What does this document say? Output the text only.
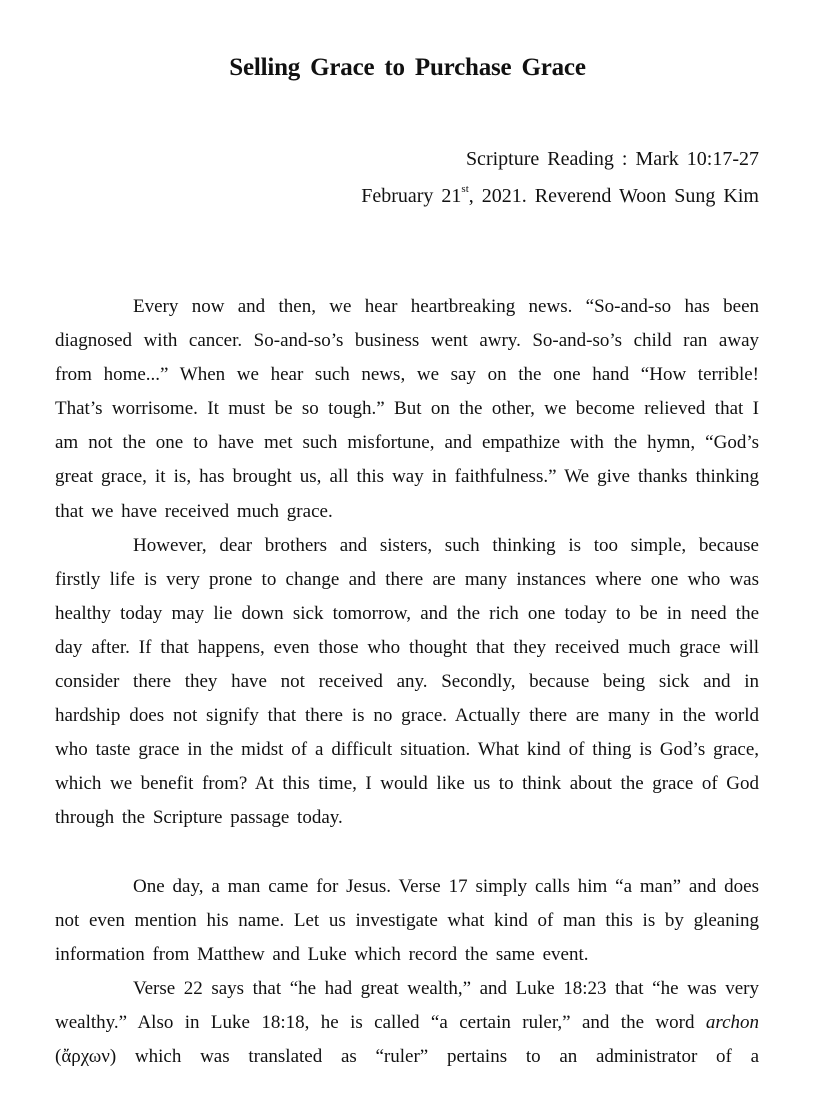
Selling Grace to Purchase Grace
Scripture Reading : Mark 10:17-27
February 21st, 2021. Reverend Woon Sung Kim

Every now and then, we hear heartbreaking news. “So-and-so has been diagnosed with cancer. So-and-so’s business went awry. So-and-so’s child ran away from home...” When we hear such news, we say on the one hand “How terrible! That’s worrisome. It must be so tough.” But on the other, we become relieved that I am not the one to have met such misfortune, and empathize with the hymn, “God’s great grace, it is, has brought us, all this way in faithfulness.” We give thanks thinking that we have received much grace.

However, dear brothers and sisters, such thinking is too simple, because firstly life is very prone to change and there are many instances where one who was healthy today may lie down sick tomorrow, and the rich one today to be in need the day after. If that happens, even those who thought that they received much grace will consider there they have not received any. Secondly, because being sick and in hardship does not signify that there is no grace. Actually there are many in the world who taste grace in the midst of a difficult situation. What kind of thing is God’s grace, which we benefit from? At this time, I would like us to think about the grace of God through the Scripture passage today.

One day, a man came for Jesus. Verse 17 simply calls him “a man” and does not even mention his name. Let us investigate what kind of man this is by gleaning information from Matthew and Luke which record the same event.

Verse 22 says that “he had great wealth,” and Luke 18:23 that “he was very wealthy.” Also in Luke 18:18, he is called “a certain ruler,” and the word archon (ἄρχων) which was translated as “ruler” pertains to an administrator of a
